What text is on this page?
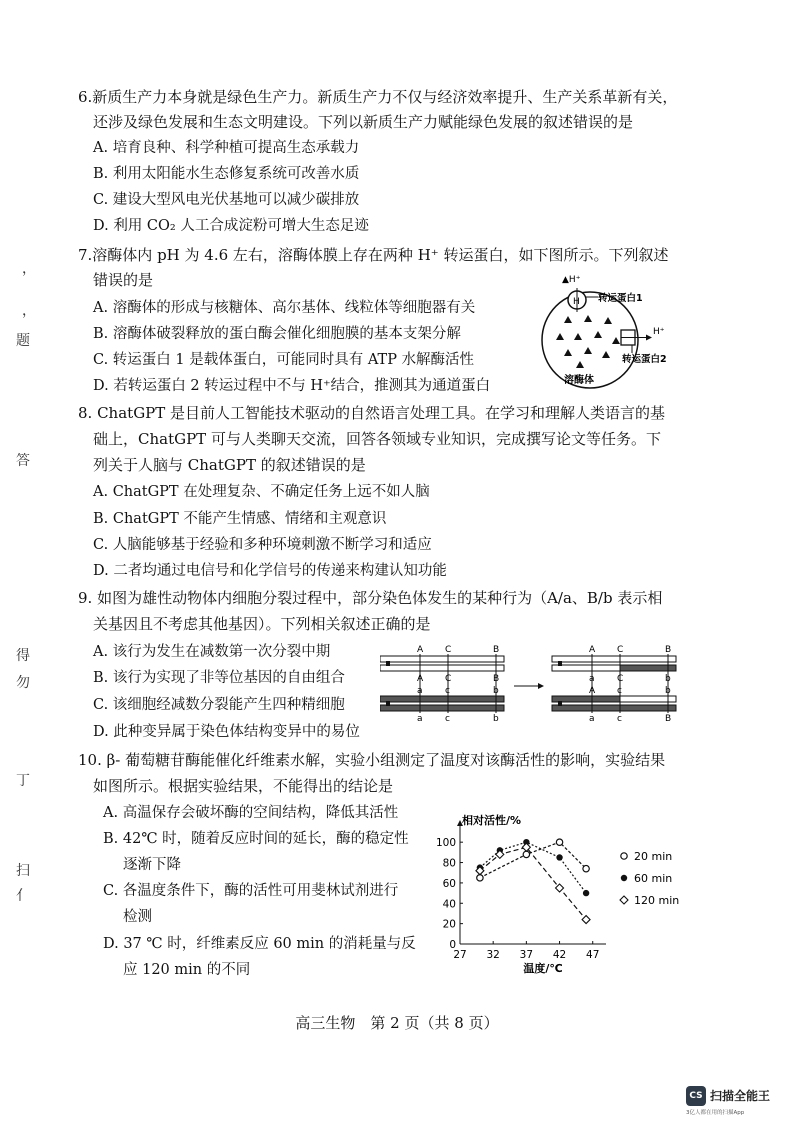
，
，
题
答
得
勿
丁
扫
亻
6.新质生产力本身就是绿色生产力。新质生产力不仅与经济效率提升、生产关系革新有关，
还涉及绿色发展和生态文明建设。下列以新质生产力赋能绿色发展的叙述错误的是
A. 培育良种、科学种植可提高生态承载力
B. 利用太阳能水生态修复系统可改善水质
C. 建设大型风电光伏基地可以减少碳排放
D. 利用 CO₂ 人工合成淀粉可增大生态足迹
7.溶酶体内 pH 为 4.6 左右，溶酶体膜上存在两种 H⁺ 转运蛋白，如下图所示。下列叙述
错误的是
A. 溶酶体的形成与核糖体、高尔基体、线粒体等细胞器有关
B. 溶酶体破裂释放的蛋白酶会催化细胞膜的基本支架分解
C. 转运蛋白 1 是载体蛋白，可能同时具有 ATP 水解酶活性
D. 若转运蛋白 2 转运过程中不与 H⁺结合，推测其为通道蛋白
▲H⁺
H 转运蛋白1
H⁺
转运蛋白2
溶酶体
8. ChatGPT 是目前人工智能技术驱动的自然语言处理工具。在学习和理解人类语言的基
础上，ChatGPT 可与人类聊天交流，回答各领域专业知识，完成撰写论文等任务。下
列关于人脑与 ChatGPT 的叙述错误的是
A. ChatGPT 在处理复杂、不确定任务上远不如人脑
B. ChatGPT 不能产生情感、情绪和主观意识
C. 人脑能够基于经验和多种环境刺激不断学习和适应
D. 二者均通过电信号和化学信号的传递来构建认知功能
9. 如图为雄性动物体内细胞分裂过程中，部分染色体发生的某种行为（A/a、B/b 表示相
关基因且不考虑其他基因）。下列相关叙述正确的是
A. 该行为发生在减数第一次分裂中期
B. 该行为实现了非等位基因的自由组合
C. 该细胞经减数分裂能产生四种精细胞
D. 此种变异属于染色体结构变异中的易位
A C	B
A C	B
a c	b
a c	b
A C	B
a C	b
A c	b
a c	B
10. β- 葡萄糖苷酶能催化纤维素水解，实验小组测定了温度对该酶活性的影响，实验结果
如图所示。根据实验结果，不能得出的结论是
A. 高温保存会破坏酶的空间结构，降低其活性
B. 42℃ 时，随着反应时间的延长，酶的稳定性
逐渐下降
C. 各温度条件下，酶的活性可用斐林试剂进行
检测
D. 37 ℃ 时，纤维素反应 60 min 的消耗量与反
应 120 min 的不同
相对活性/%
0
20
40
60
80
100
27 32 37 42 47
温度/℃
20 min
60 min
120 min
高三生物　第 2 页（共 8 页）
CS 扫描全能王
3亿人都在用的扫描App
